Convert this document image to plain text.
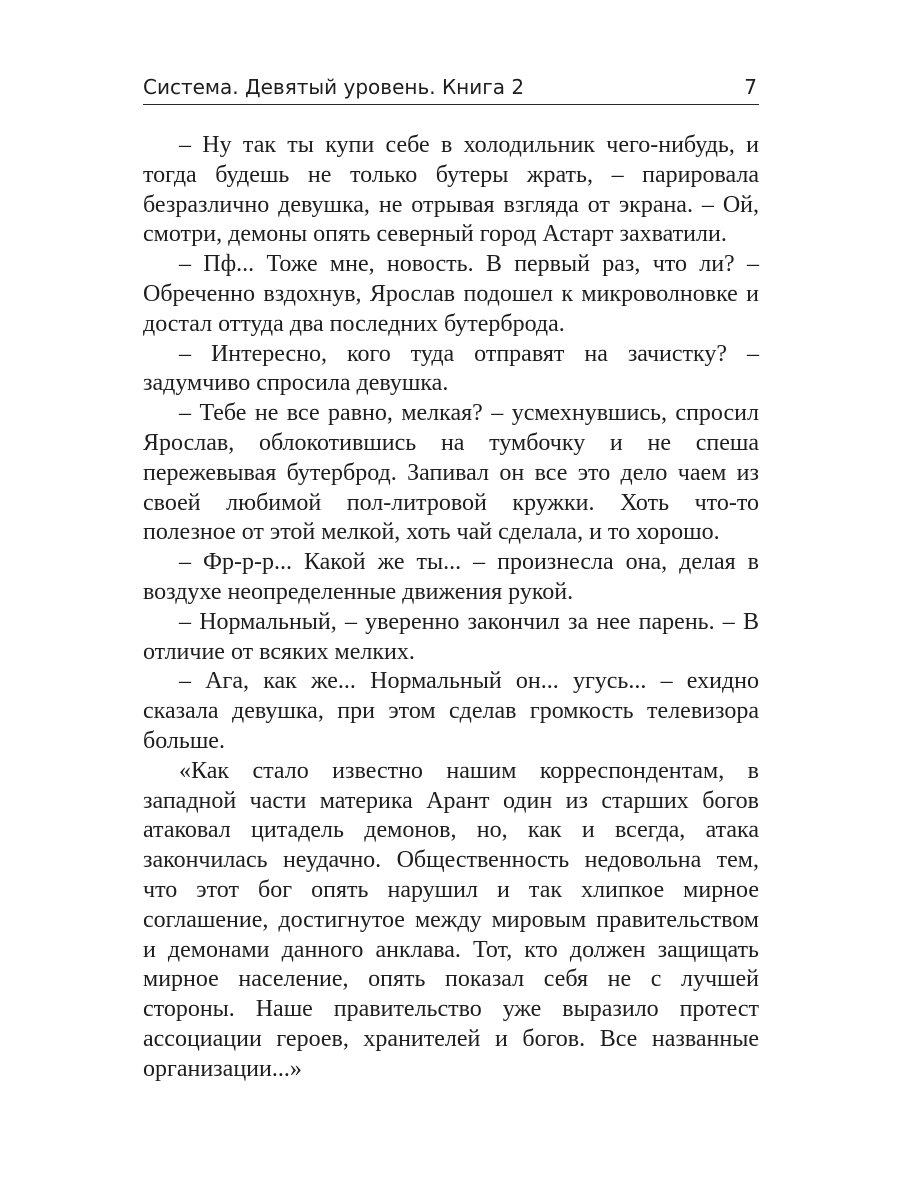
Система. Девятый уровень. Книга 2	7

– Ну так ты купи себе в холодильник чего-нибудь, и тогда будешь не только бутеры жрать, – парировала безразлично девушка, не отрывая взгляда от экрана. – Ой, смотри, демоны опять северный город Астарт захватили.

– Пф... Тоже мне, новость. В первый раз, что ли? – Обреченно вздохнув, Ярослав подошел к микроволновке и достал оттуда два последних бутерброда.

– Интересно, кого туда отправят на зачистку? – задумчиво спросила девушка.

– Тебе не все равно, мелкая? – усмехнувшись, спросил Ярослав, облокотившись на тумбочку и не спеша пережевывая бутерброд. Запивал он все это дело чаем из своей любимой пол-литровой кружки. Хоть что-то полезное от этой мелкой, хоть чай сделала, и то хорошо.

– Фр-р-р... Какой же ты... – произнесла она, делая в воздухе неопределенные движения рукой.

– Нормальный, – уверенно закончил за нее парень. – В отличие от всяких мелких.

– Ага, как же... Нормальный он... угусь... – ехидно сказала девушка, при этом сделав громкость телевизора больше.

«Как стало известно нашим корреспондентам, в западной части материка Арант один из старших богов атаковал цитадель демонов, но, как и всегда, атака закончилась неудачно. Общественность недовольна тем, что этот бог опять нарушил и так хлипкое мирное соглашение, достигнутое между мировым правительством и демонами данного анклава. Тот, кто должен защищать мирное население, опять показал себя не с лучшей стороны. Наше правительство уже выразило протест ассоциации героев, хранителей и богов. Все названные организации...»
